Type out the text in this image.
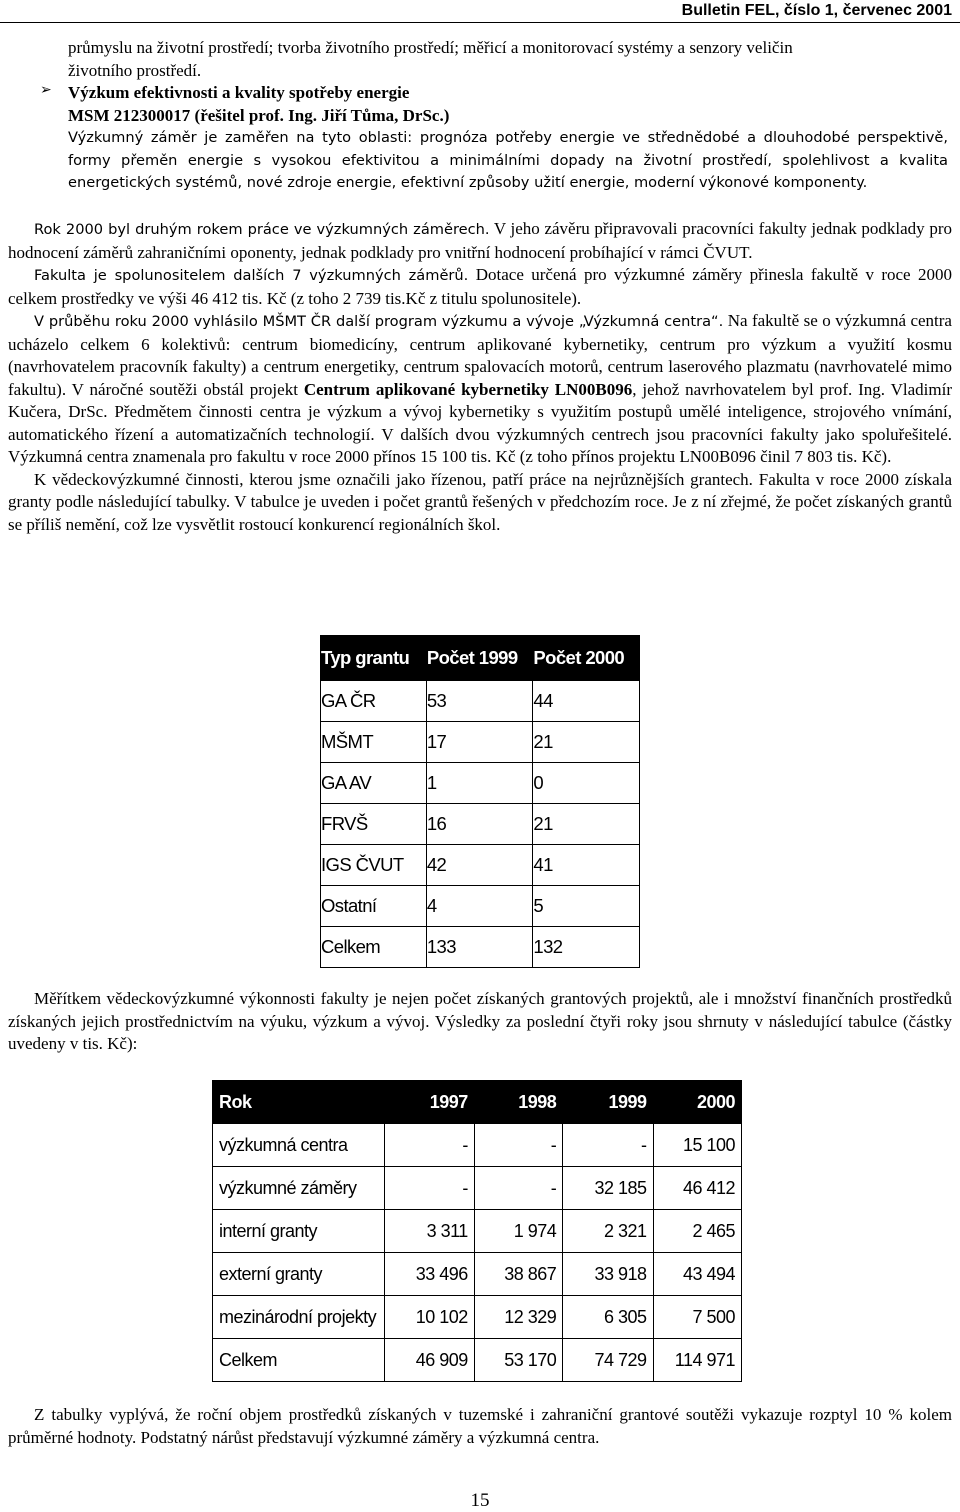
Bulletin FEL, číslo 1, červenec 2001

průmyslu na životní prostředí; tvorba životního prostředí; měřicí a monitorovací systémy a senzory veličin

životního prostředí.

➢ Výzkum efektivnosti a kvality spotřeby energie

MSM 212300017 (řešitel prof. Ing. Jiří Tůma, DrSc.)

Výzkumný záměr je zaměřen na tyto oblasti: prognóza potřeby energie ve střednědobé a dlouhodobé perspektivě, formy přeměn energie s vysokou efektivitou a minimálními dopady na životní prostředí, spolehlivost a kvalita energetických systémů, nové zdroje energie, efektivní způsoby užití energie, moderní výkonové komponenty.

Rok 2000 byl druhým rokem práce ve výzkumných záměrech. V jeho závěru připravovali pracovníci fakulty jednak podklady pro hodnocení záměrů zahraničními oponenty, jednak podklady pro vnitřní hodnocení probíhající v rámci ČVUT.

Fakulta je spolunositelem dalších 7 výzkumných záměrů. Dotace určená pro výzkumné záměry přinesla fakultě v roce 2000 celkem prostředky ve výši 46 412 tis. Kč (z toho 2 739 tis.Kč z titulu spolunositele).

V průběhu roku 2000 vyhlásilo MŠMT ČR další program výzkumu a vývoje „Výzkumná centra“. Na fakultě se o výzkumná centra ucházelo celkem 6 kolektivů: centrum biomedicíny, centrum aplikované kybernetiky, centrum pro výzkum a využití kosmu (navrhovatelem pracovník fakulty) a centrum energetiky, centrum spalovacích motorů, centrum laserového plazmatu (navrhovatelé mimo fakultu). V náročné soutěži obstál projekt Centrum aplikované kybernetiky LN00B096, jehož navrhovatelem byl prof. Ing. Vladimír Kučera, DrSc. Předmětem činnosti centra je výzkum a vývoj kybernetiky s využitím postupů umělé inteligence, strojového vnímání, automatického řízení a automatizačních technologií. V dalších dvou výzkumných centrech jsou pracovníci fakulty jako spoluřešitelé. Výzkumná centra znamenala pro fakultu v roce 2000 přínos 15 100 tis. Kč (z toho přínos projektu LN00B096 činil 7 803 tis. Kč).

K vědeckovýzkumné činnosti, kterou jsme označili jako řízenou, patří práce na nejrůznějších grantech. Fakulta v roce 2000 získala granty podle následující tabulky. V tabulce je uveden i počet grantů řešených v předchozím roce. Je z ní zřejmé, že počet získaných grantů se příliš nemění, což lze vysvětlit rostoucí konkurencí regionálních škol.

Typ grantu	Počet 1999	Počet 2000
GA ČR	53	44
MŠMT	17	21
GA AV	1	0
FRVŠ	16	21
IGS ČVUT	42	41
Ostatní	4	5
Celkem	133	132

Měřítkem vědeckovýzkumné výkonnosti fakulty je nejen počet získaných grantových projektů, ale i množství finančních prostředků získaných jejich prostřednictvím na výuku, výzkum a vývoj. Výsledky za poslední čtyři roky jsou shrnuty v následující tabulce (částky uvedeny v tis. Kč):

Rok	1997	1998	1999	2000
výzkumná centra	-	-	-	15 100
výzkumné záměry	-	-	32 185	46 412
interní granty	3 311	1 974	2 321	2 465
externí granty	33 496	38 867	33 918	43 494
mezinárodní projekty	10 102	12 329	6 305	7 500
Celkem	46 909	53 170	74 729	114 971

Z tabulky vyplývá, že roční objem prostředků získaných v tuzemské i zahraniční grantové soutěži vykazuje rozptyl 10 % kolem průměrné hodnoty. Podstatný nárůst představují výzkumné záměry a výzkumná centra.

15
